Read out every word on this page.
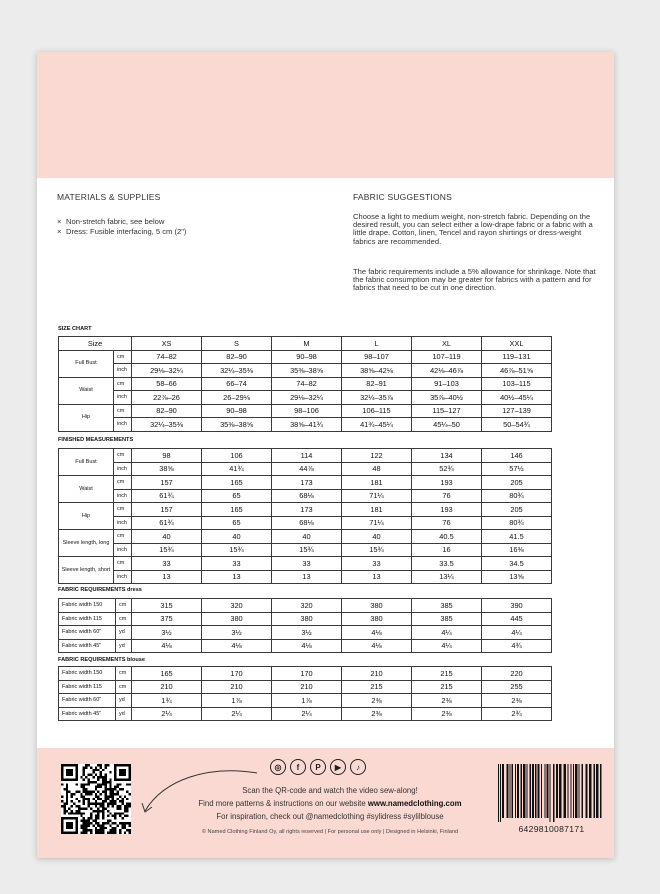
MATERIALS & SUPPLIES
× Non-stretch fabric, see below
× Dress: Fusible interfacing, 5 cm (2")
FABRIC SUGGESTIONS

Choose a light to medium weight, non-stretch fabric. Depending on the desired result, you can select either a low-drape fabric or a fabric with a little drape. Cotton, linen, Tencel and rayon shirtings or dress-weight fabrics are recommended.

The fabric requirements include a 5% allowance for shrinkage. Note that the fabric consumption may be greater for fabrics with a pattern and for fabrics that need to be cut in one direction.

SIZE CHART
Size		XS	S	M	L	XL	XXL
Full Bust	cm	74–82	82–90	90–98	98–107	107–119	119–131
	inch	29⅛–32¼	32¼–35⅜	35⅜–38⅝	38⅝–42⅛	42⅛–46⅞	46⅞–51⅝
Waist	cm	58–66	66–74	74–82	82–91	91–103	103–115
	inch	22⅞–26	26–29⅛	29⅛–32¼	32¼–35⅞	35⅞–40½	40½–45¼
Hip	cm	82–90	90–98	98–106	106–115	115–127	127–139
	inch	32¼–35⅜	35⅜–38⅝	38⅝–41¾	41¾–45¼	45¼–50	50–54¾
FINISHED MEASUREMENTS
Full Bust	cm	98	106	114	122	134	146
	inch	38⅝	41¾	44⅞	48	52¾	57½
Waist	cm	157	165	173	181	193	205
	inch	61¾	65	68⅛	71¼	76	80¾
Hip	cm	157	165	173	181	193	205
	inch	61¾	65	68⅛	71¼	76	80¾
Sleeve length, long	cm	40	40	40	40	40.5	41.5
	inch	15¾	15¾	15¾	15¾	16	16⅜
Sleeve length, short	cm	33	33	33	33	33.5	34.5
	inch	13	13	13	13	13¼	13⅝
FABRIC REQUIREMENTS dress
Fabric width 150	cm	315	320	320	380	385	390
Fabric width 115	cm	375	380	380	380	385	445
Fabric width 60"	yd	3½	3½	3½	4⅛	4¼	4¼
Fabric width 45"	yd	4⅛	4⅛	4⅛	4⅛	4¼	4¾
FABRIC REQUIREMENTS blouse
Fabric width 150	cm	165	170	170	210	215	220
Fabric width 115	cm	210	210	210	215	215	255
Fabric width 60"	yd	1¾	1⅞	1⅞	2⅜	2⅜	2⅜
Fabric width 45"	yd	2¼	2¼	2¼	2⅜	2⅜	2¾
◎	f	P	▶	♪
Scan the QR-code and watch the video sew-along!
Find more patterns & instructions on our website www.namedclothing.com
For inspiration, check out @namedclothing #sylidress #sylilblouse
© Named Clothing Finland Oy, all rights reserved | For personal use only | Designed in Helsinki, Finland	6429810087171
